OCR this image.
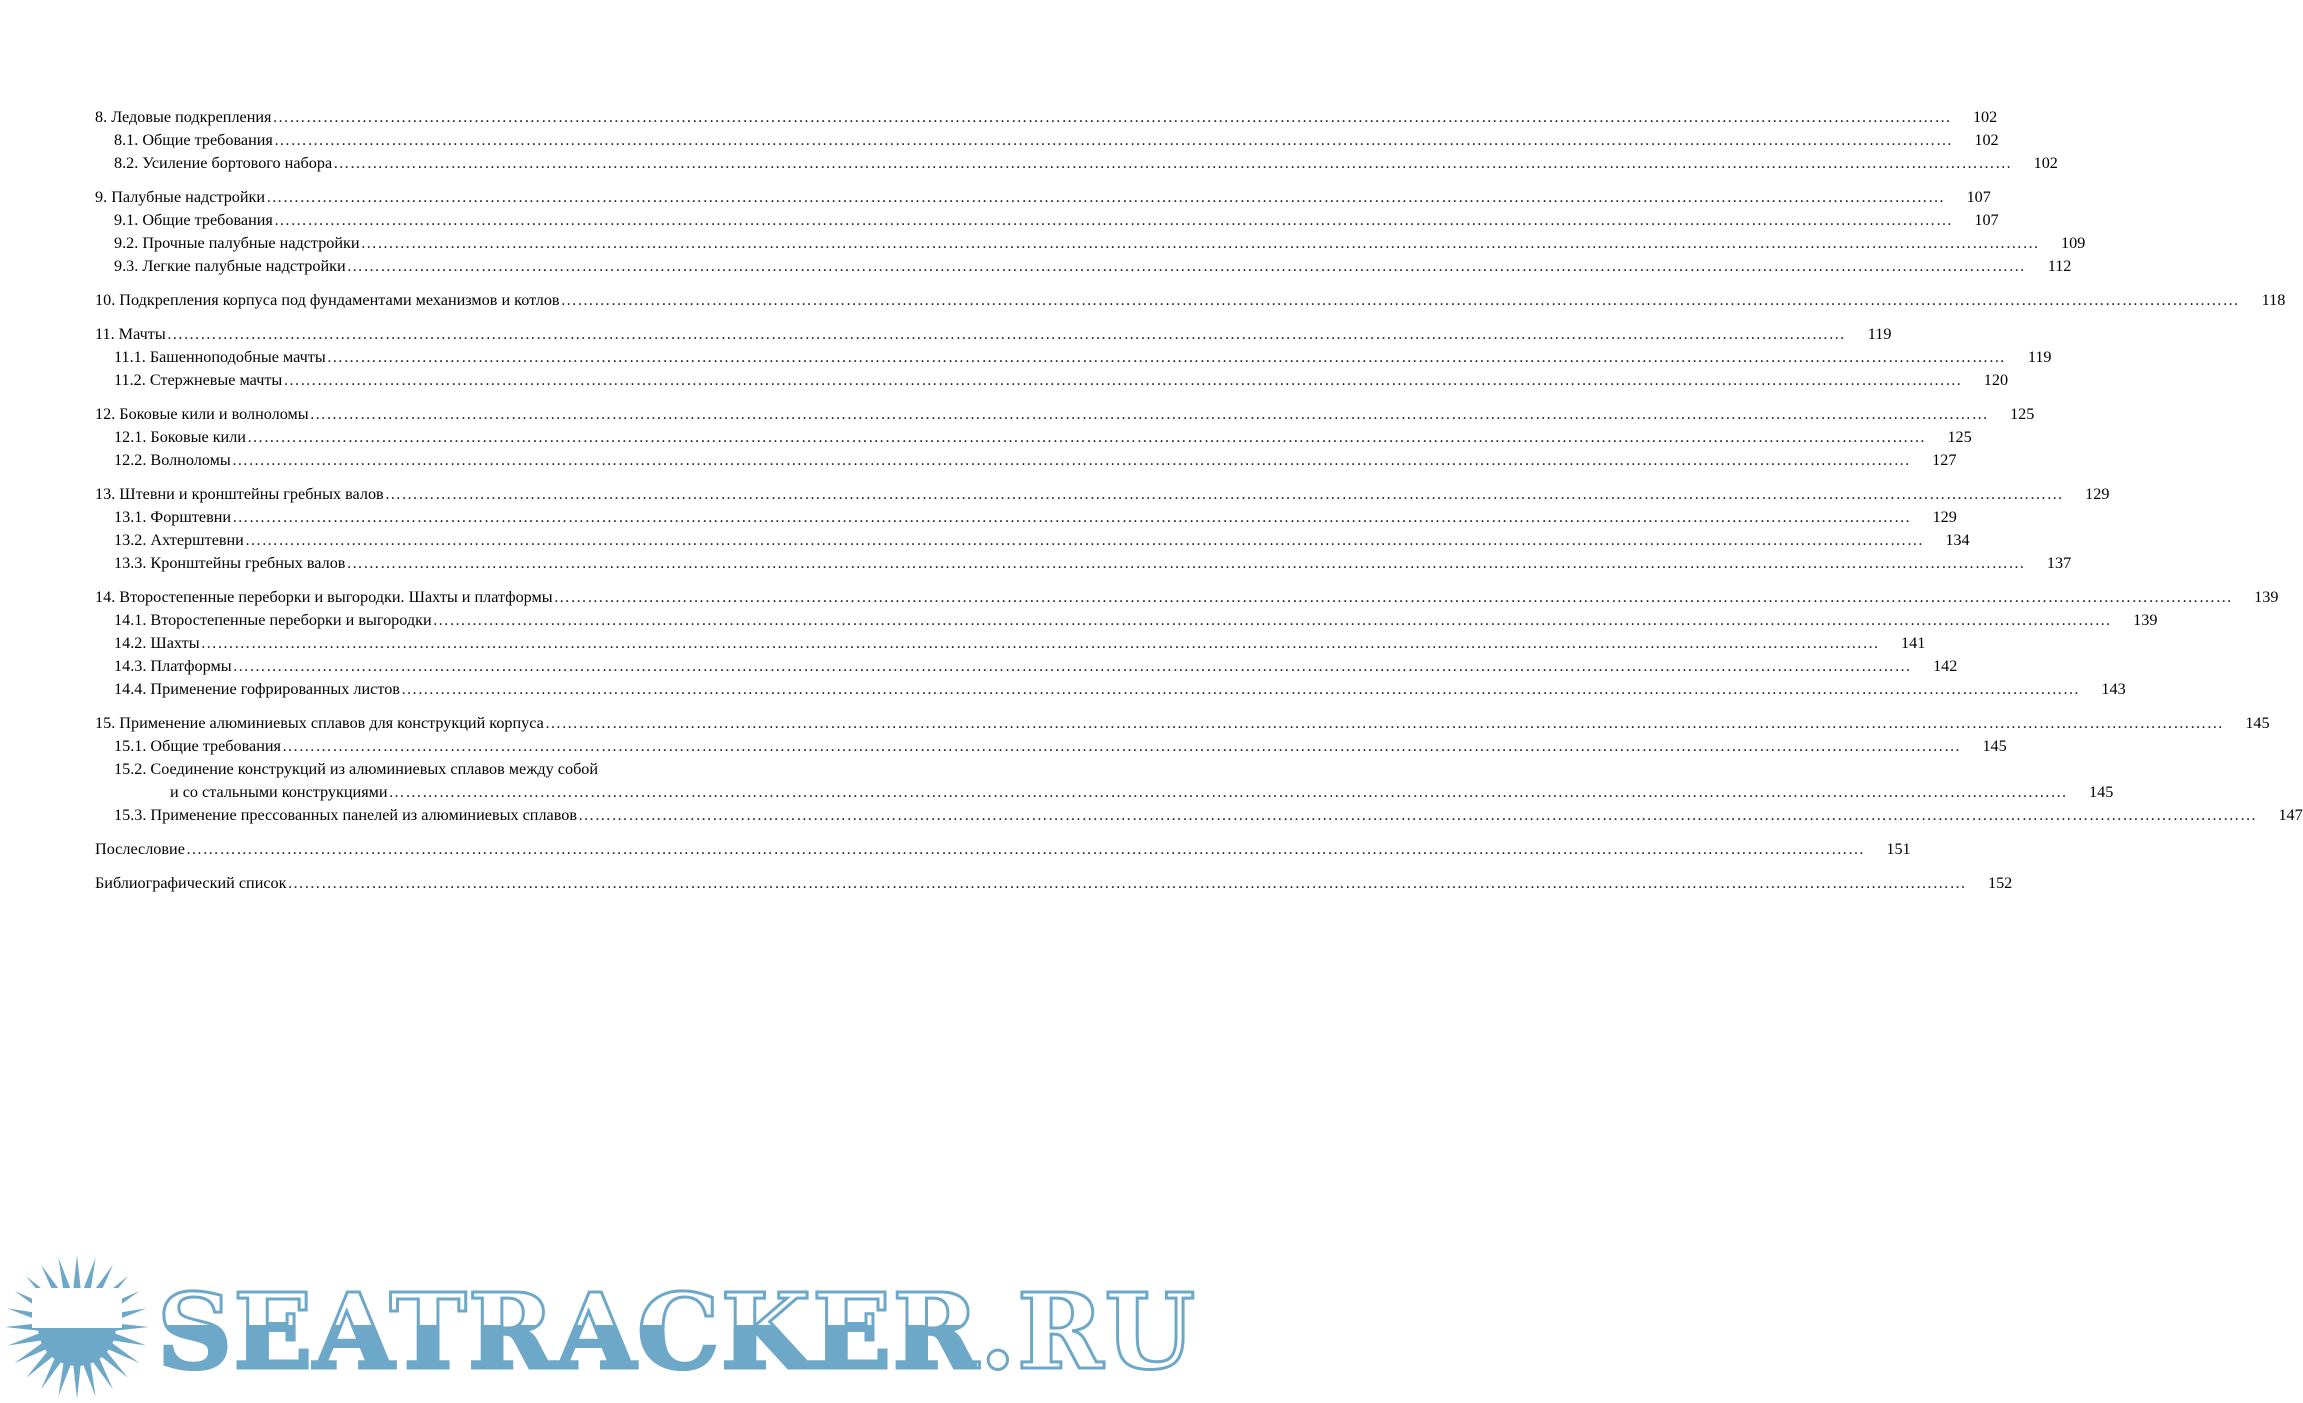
8. Ледовые подкрепления …………………………………………………………………………………………………………………………………………………………………………………………………………………………………………………………………………	102
8.1. Общие требования …………………………………………………………………………………………………………………………………………………………………………………………………………………………………………………………………………	102
8.2. Усиление бортового набора …………………………………………………………………………………………………………………………………………………………………………………………………………………………………………………………………………	102
9. Палубные надстройки …………………………………………………………………………………………………………………………………………………………………………………………………………………………………………………………………………	107
9.1. Общие требования …………………………………………………………………………………………………………………………………………………………………………………………………………………………………………………………………………	107
9.2. Прочные палубные надстройки …………………………………………………………………………………………………………………………………………………………………………………………………………………………………………………………………………	109
9.3. Легкие палубные надстройки …………………………………………………………………………………………………………………………………………………………………………………………………………………………………………………………………………	112
10. Подкрепления корпуса под фундаментами механизмов и котлов …………………………………………………………………………………………………………………………………………………………………………………………………………………………………………………………………………	118
11. Мачты …………………………………………………………………………………………………………………………………………………………………………………………………………………………………………………………………………	119
11.1. Башенноподобные мачты …………………………………………………………………………………………………………………………………………………………………………………………………………………………………………………………………………	119
11.2. Стержневые мачты …………………………………………………………………………………………………………………………………………………………………………………………………………………………………………………………………………	120
12. Боковые кили и волноломы …………………………………………………………………………………………………………………………………………………………………………………………………………………………………………………………………………	125
12.1. Боковые кили …………………………………………………………………………………………………………………………………………………………………………………………………………………………………………………………………………	125
12.2. Волноломы …………………………………………………………………………………………………………………………………………………………………………………………………………………………………………………………………………	127
13. Штевни и кронштейны гребных валов …………………………………………………………………………………………………………………………………………………………………………………………………………………………………………………………………………	129
13.1. Форштевни …………………………………………………………………………………………………………………………………………………………………………………………………………………………………………………………………………	129
13.2. Ахтерштевни …………………………………………………………………………………………………………………………………………………………………………………………………………………………………………………………………………	134
13.3. Кронштейны гребных валов …………………………………………………………………………………………………………………………………………………………………………………………………………………………………………………………………………	137
14. Второстепенные переборки и выгородки. Шахты и платформы …………………………………………………………………………………………………………………………………………………………………………………………………………………………………………………………………………	139
14.1. Второстепенные переборки и выгородки …………………………………………………………………………………………………………………………………………………………………………………………………………………………………………………………………………	139
14.2. Шахты …………………………………………………………………………………………………………………………………………………………………………………………………………………………………………………………………………	141
14.3. Платформы …………………………………………………………………………………………………………………………………………………………………………………………………………………………………………………………………………	142
14.4. Применение гофрированных листов …………………………………………………………………………………………………………………………………………………………………………………………………………………………………………………………………………	143
15. Применение алюминиевых сплавов для конструкций корпуса …………………………………………………………………………………………………………………………………………………………………………………………………………………………………………………………………………	145
15.1. Общие требования …………………………………………………………………………………………………………………………………………………………………………………………………………………………………………………………………………	145
15.2. Соединение конструкций из алюминиевых сплавов между собой
и со стальными конструкциями …………………………………………………………………………………………………………………………………………………………………………………………………………………………………………………………………………	145
15.3. Применение прессованных панелей из алюминиевых сплавов …………………………………………………………………………………………………………………………………………………………………………………………………………………………………………………………………………	147
Послесловие …………………………………………………………………………………………………………………………………………………………………………………………………………………………………………………………………………	151
Библиографический список …………………………………………………………………………………………………………………………………………………………………………………………………………………………………………………………………………	152
SEATRACKER.RU
